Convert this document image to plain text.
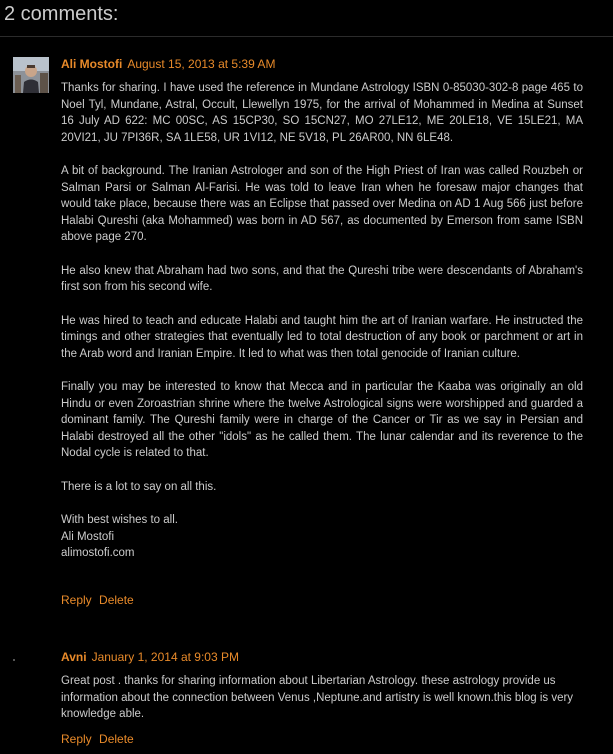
2 comments:
Ali Mostofi August 15, 2013 at 5:39 AM

Thanks for sharing. I have used the reference in Mundane Astrology ISBN 0-85030-302-8 page 465 to Noel Tyl, Mundane, Astral, Occult, Llewellyn 1975, for the arrival of Mohammed in Medina at Sunset 16 July AD 622: MC 00SC, AS 15CP30, SO 15CN27, MO 27LE12, ME 20LE18, VE 15LE21, MA 20VI21, JU 7PI36R, SA 1LE58, UR 1VI12, NE 5V18, PL 26AR00, NN 6LE48.

A bit of background. The Iranian Astrologer and son of the High Priest of Iran was called Rouzbeh or Salman Parsi or Salman Al-Farisi. He was told to leave Iran when he foresaw major changes that would take place, because there was an Eclipse that passed over Medina on AD 1 Aug 566 just before Halabi Qureshi (aka Mohammed) was born in AD 567, as documented by Emerson from same ISBN above page 270.

He also knew that Abraham had two sons, and that the Qureshi tribe were descendants of Abraham's first son from his second wife.

He was hired to teach and educate Halabi and taught him the art of Iranian warfare. He instructed the timings and other strategies that eventually led to total destruction of any book or parchment or art in the Arab word and Iranian Empire. It led to what was then total genocide of Iranian culture.

Finally you may be interested to know that Mecca and in particular the Kaaba was originally an old Hindu or even Zoroastrian shrine where the twelve Astrological signs were worshipped and guarded a dominant family. The Qureshi family were in charge of the Cancer or Tir as we say in Persian and Halabi destroyed all the other "idols" as he called them. The lunar calendar and its reverence to the Nodal cycle is related to that.

There is a lot to say on all this.

With best wishes to all.

Ali Mostofi

alimostofi.com

Reply Delete
Avni January 1, 2014 at 9:03 PM

Great post . thanks for sharing information about Libertarian Astrology. these astrology provide us information about the connection between Venus ,Neptune.and artistry is well known.this blog is very knowledge able.

Reply Delete
